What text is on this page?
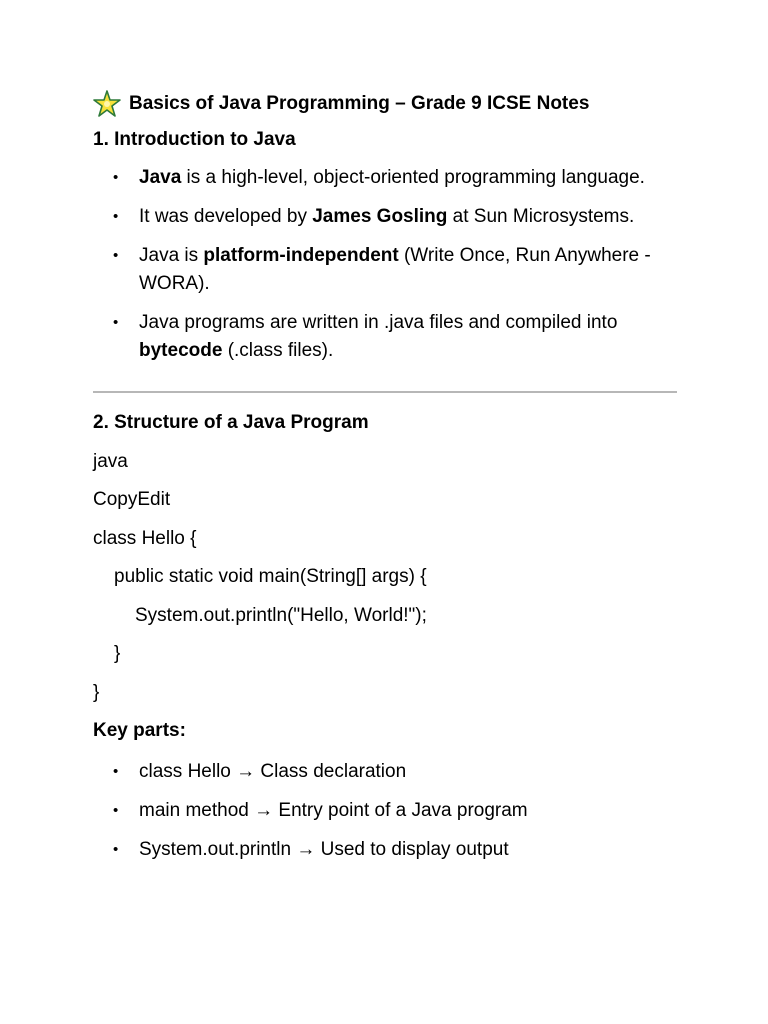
Basics of Java Programming – Grade 9 ICSE Notes

1. Introduction to Java

• Java is a high-level, object-oriented programming language.
• It was developed by James Gosling at Sun Microsystems.
• Java is platform-independent (Write Once, Run Anywhere - WORA).
• Java programs are written in .java files and compiled into bytecode (.class files).

2. Structure of a Java Program

java

CopyEdit

class Hello {

public static void main(String[] args) {

System.out.println("Hello, World!");

}

}

Key parts:

• class Hello → Class declaration
• main method → Entry point of a Java program
• System.out.println → Used to display output
